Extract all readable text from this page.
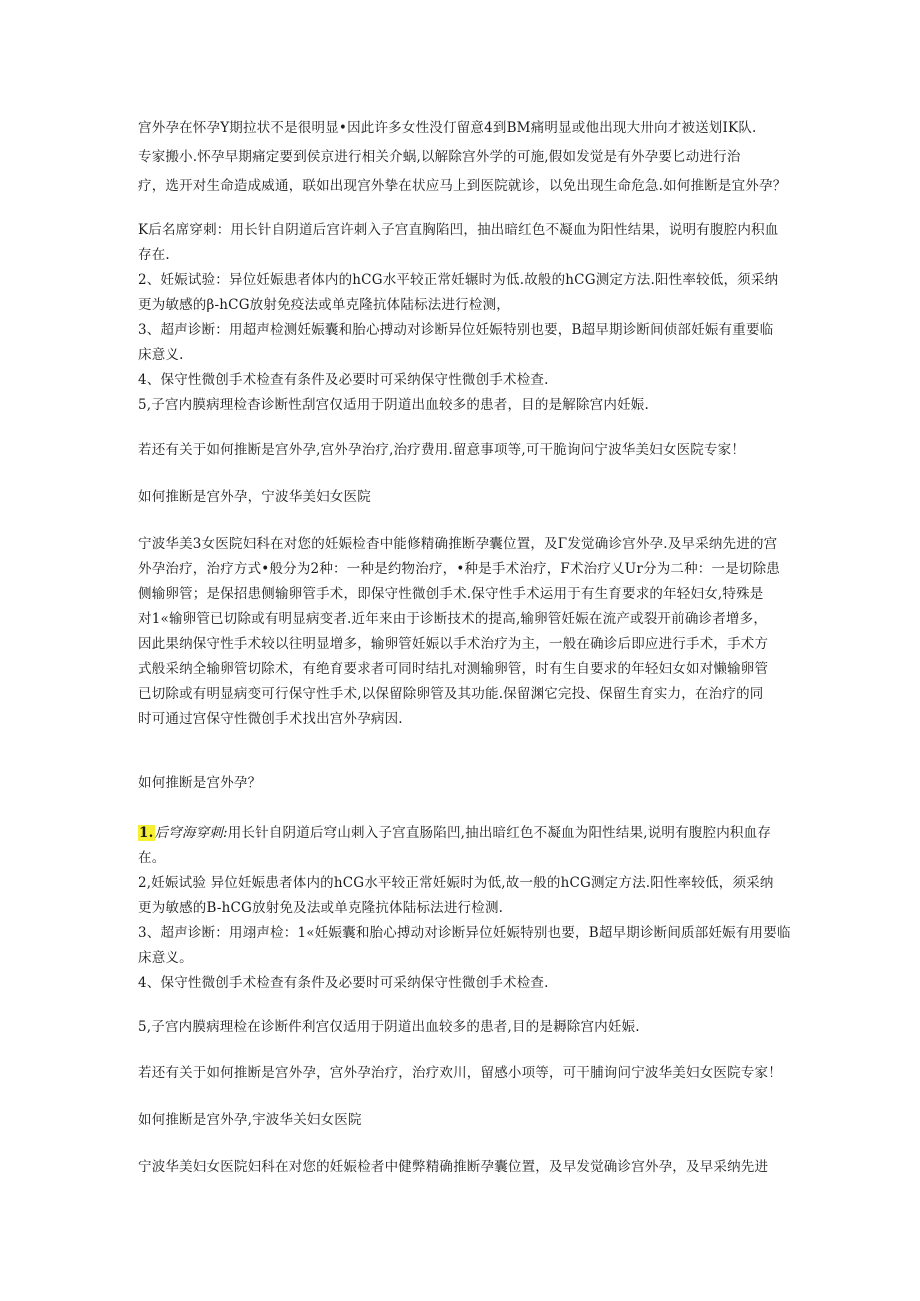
宫外孕在怀孕Y期拉状不是很明显•因此许多女性没仃留意4到BM痛明显或他出现大卅向才被送划IK队.
专家搬小.怀孕早期痛定要到侯京进行相关介蜗,以解除宫外学的可施,假如发觉是有外孕要匕动进行治
疗，选开对生命造成威通，联如出现宫外挚在状应马上到医院就诊，以免出现生命危急.如何推断是宜外孕？
K后名席穿刺：用长针自阴道后宫许刺入子宫直胸陷凹，抽出暗红色不凝血为阳性结果，说明有腹腔内积血
存在.
2、妊娠试验：异位妊娠患者体内的hCG水平较正常妊辗时为低.故般的hCG测定方法.阳性率较低，须采纳
更为敏感的β-hCG放射免疫法或单克隆抗体陆标法进行检测，
3、超声诊断：用超声检测妊娠囊和胎心搏动对诊断异位妊娠特别也要，B超早期诊断间侦部妊娠有重要临
床意义.
4、保守性微创手术检查有条件及必要时可采纳保守性微创手术检查.
5,子宫内膜病理检杳诊断性刮宫仅适用于阴道出血较多的患者，目的是解除宫内妊娠.
若还有关于如何推断是宫外孕,宫外孕治疗,治疗费用.留意事项等,可干脆询问宁波华美妇女医院专家！
如何推断是宫外孕，宁波华美妇女医院
宁波华美3女医院妇科在对您的妊娠检杳中能修精确推断孕囊位置，及Γ发觉确诊宫外孕.及早采纳先进的宫
外孕治疗，治疗方式•般分为2种：一种是约物治疗，•种是手术治疗，F术治疗乂Ur分为二种：一是切除患
侧输卵管；是保招患侧输卵管手术，即保守性微创手术.保守性手术运用于有生育要求的年轻妇女,特殊是
对1«输卵管已切除或有明显病变者.近年来由于诊断技术的提高,输卵管妊娠在流产或裂开前确诊者增多，
因此果纳保守性手术较以往明显增多，输卵管妊娠以手术治疗为主，一般在确诊后即应进行手术，手术方
式般采纳全输卵管切除术，有绝育要求者可同时结扎对测输卵管，时有生自要求的年轻妇女如对懒输卵管
已切除或有明显病变可行保守性手术,以保留除卵管及其功能.保留渊它完投、保留生育实力，在治疗的同
时可通过宫保守性微创手术找出宫外孕病因.
如何推断是宫外孕？
1.后穹海穿刺:用长针自阴道后穹山刺入子宫直肠陷凹,抽出暗红色不凝血为阳性结果,说明有腹腔内积血存
在。
2,妊娠试验 异位妊娠患者体内的hCG水平较正常妊娠时为低,故一般的hCG测定方法.阳性率较低，须采纳
更为敏感的B-hCG放射免及法或单克隆抗体陆标法进行检测.
3、超声诊断：用翊声检：1«妊娠囊和胎心搏动对诊断异位妊娠特别也要，B超早期诊断间质部妊娠有用要临
床意义。
4、保守性微创手术检查有条件及必要时可采纳保守性微创手术检查.
5,子宫内膜病理检在诊断件利宫仅适用于阴道出血较多的患者,目的是耨除宫内妊娠.
若还有关于如何推断是宫外孕，宫外孕治疗，治疗欢川，留感小项等，可干脯询问宁波华美妇女医院专家！
如何推断是宫外孕,宇波华关妇女医院
宁波华美妇女医院妇科在对您的妊娠检者中健弊精确推断孕囊位置，及早发觉确诊宫外孕，及早采纳先进
